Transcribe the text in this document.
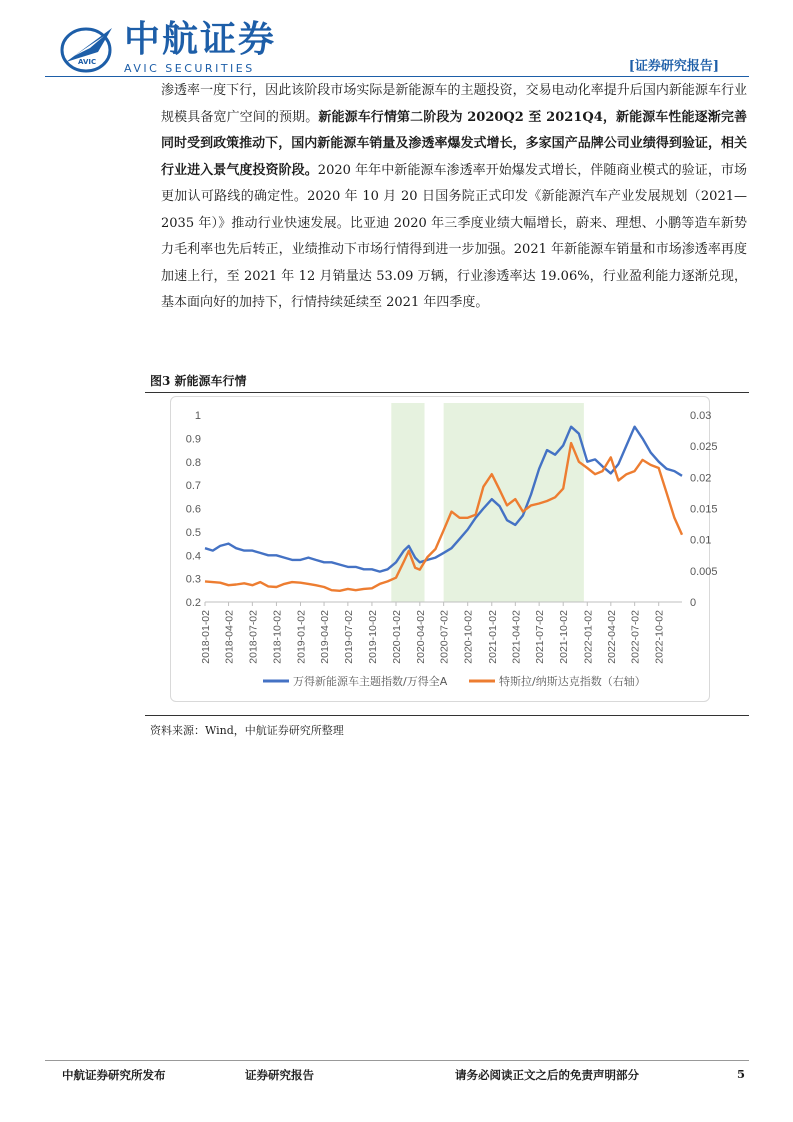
AVIC
中航证券
AVIC SECURITIES	[证券研究报告]

渗透率一度下行，因此该阶段市场实际是新能源车的主题投资，交易电动化率提升后国内新能源车行业规模具备宽广空间的预期。新能源车行情第二阶段为 2020Q2 至 2021Q4，新能源车性能逐渐完善同时受到政策推动下，国内新能源车销量及渗透率爆发式增长，多家国产品牌公司业绩得到验证，相关行业进入景气度投资阶段。2020 年年中新能源车渗透率开始爆发式增长，伴随商业模式的验证，市场更加认可路线的确定性。2020 年 10 月 20 日国务院正式印发《新能源汽车产业发展规划（2021—2035 年）》推动行业快速发展。比亚迪 2020 年三季度业绩大幅增长，蔚来、理想、小鹏等造车新势力毛利率也先后转正，业绩推动下市场行情得到进一步加强。2021 年新能源车销量和市场渗透率再度加速上行，至 2021 年 12 月销量达 53.09 万辆，行业渗透率达 19.06%，行业盈利能力逐渐兑现，基本面向好的加持下，行情持续延续至 2021 年四季度。

图3 新能源车行情
1
0.9
0.8
0.7
0.6
0.5
0.4
0.3
0.2
0.03
0.025
0.02
0.015
0.01
0.005
0
2018-01-02 2018-04-02 2018-07-02 2018-10-02 2019-01-02 2019-04-02 2019-07-02 2019-10-02 2020-01-02 2020-04-02 2020-07-02 2020-10-02 2021-01-02 2021-04-02 2021-07-02 2021-10-02 2022-01-02 2022-04-02 2022-07-02 2022-10-02
万得新能源车主题指数/万得全A	特斯拉/纳斯达克指数（右轴）
资料来源：Wind，中航证券研究所整理
中航证券研究所发布	证券研究报告	请务必阅读正文之后的免责声明部分	5
